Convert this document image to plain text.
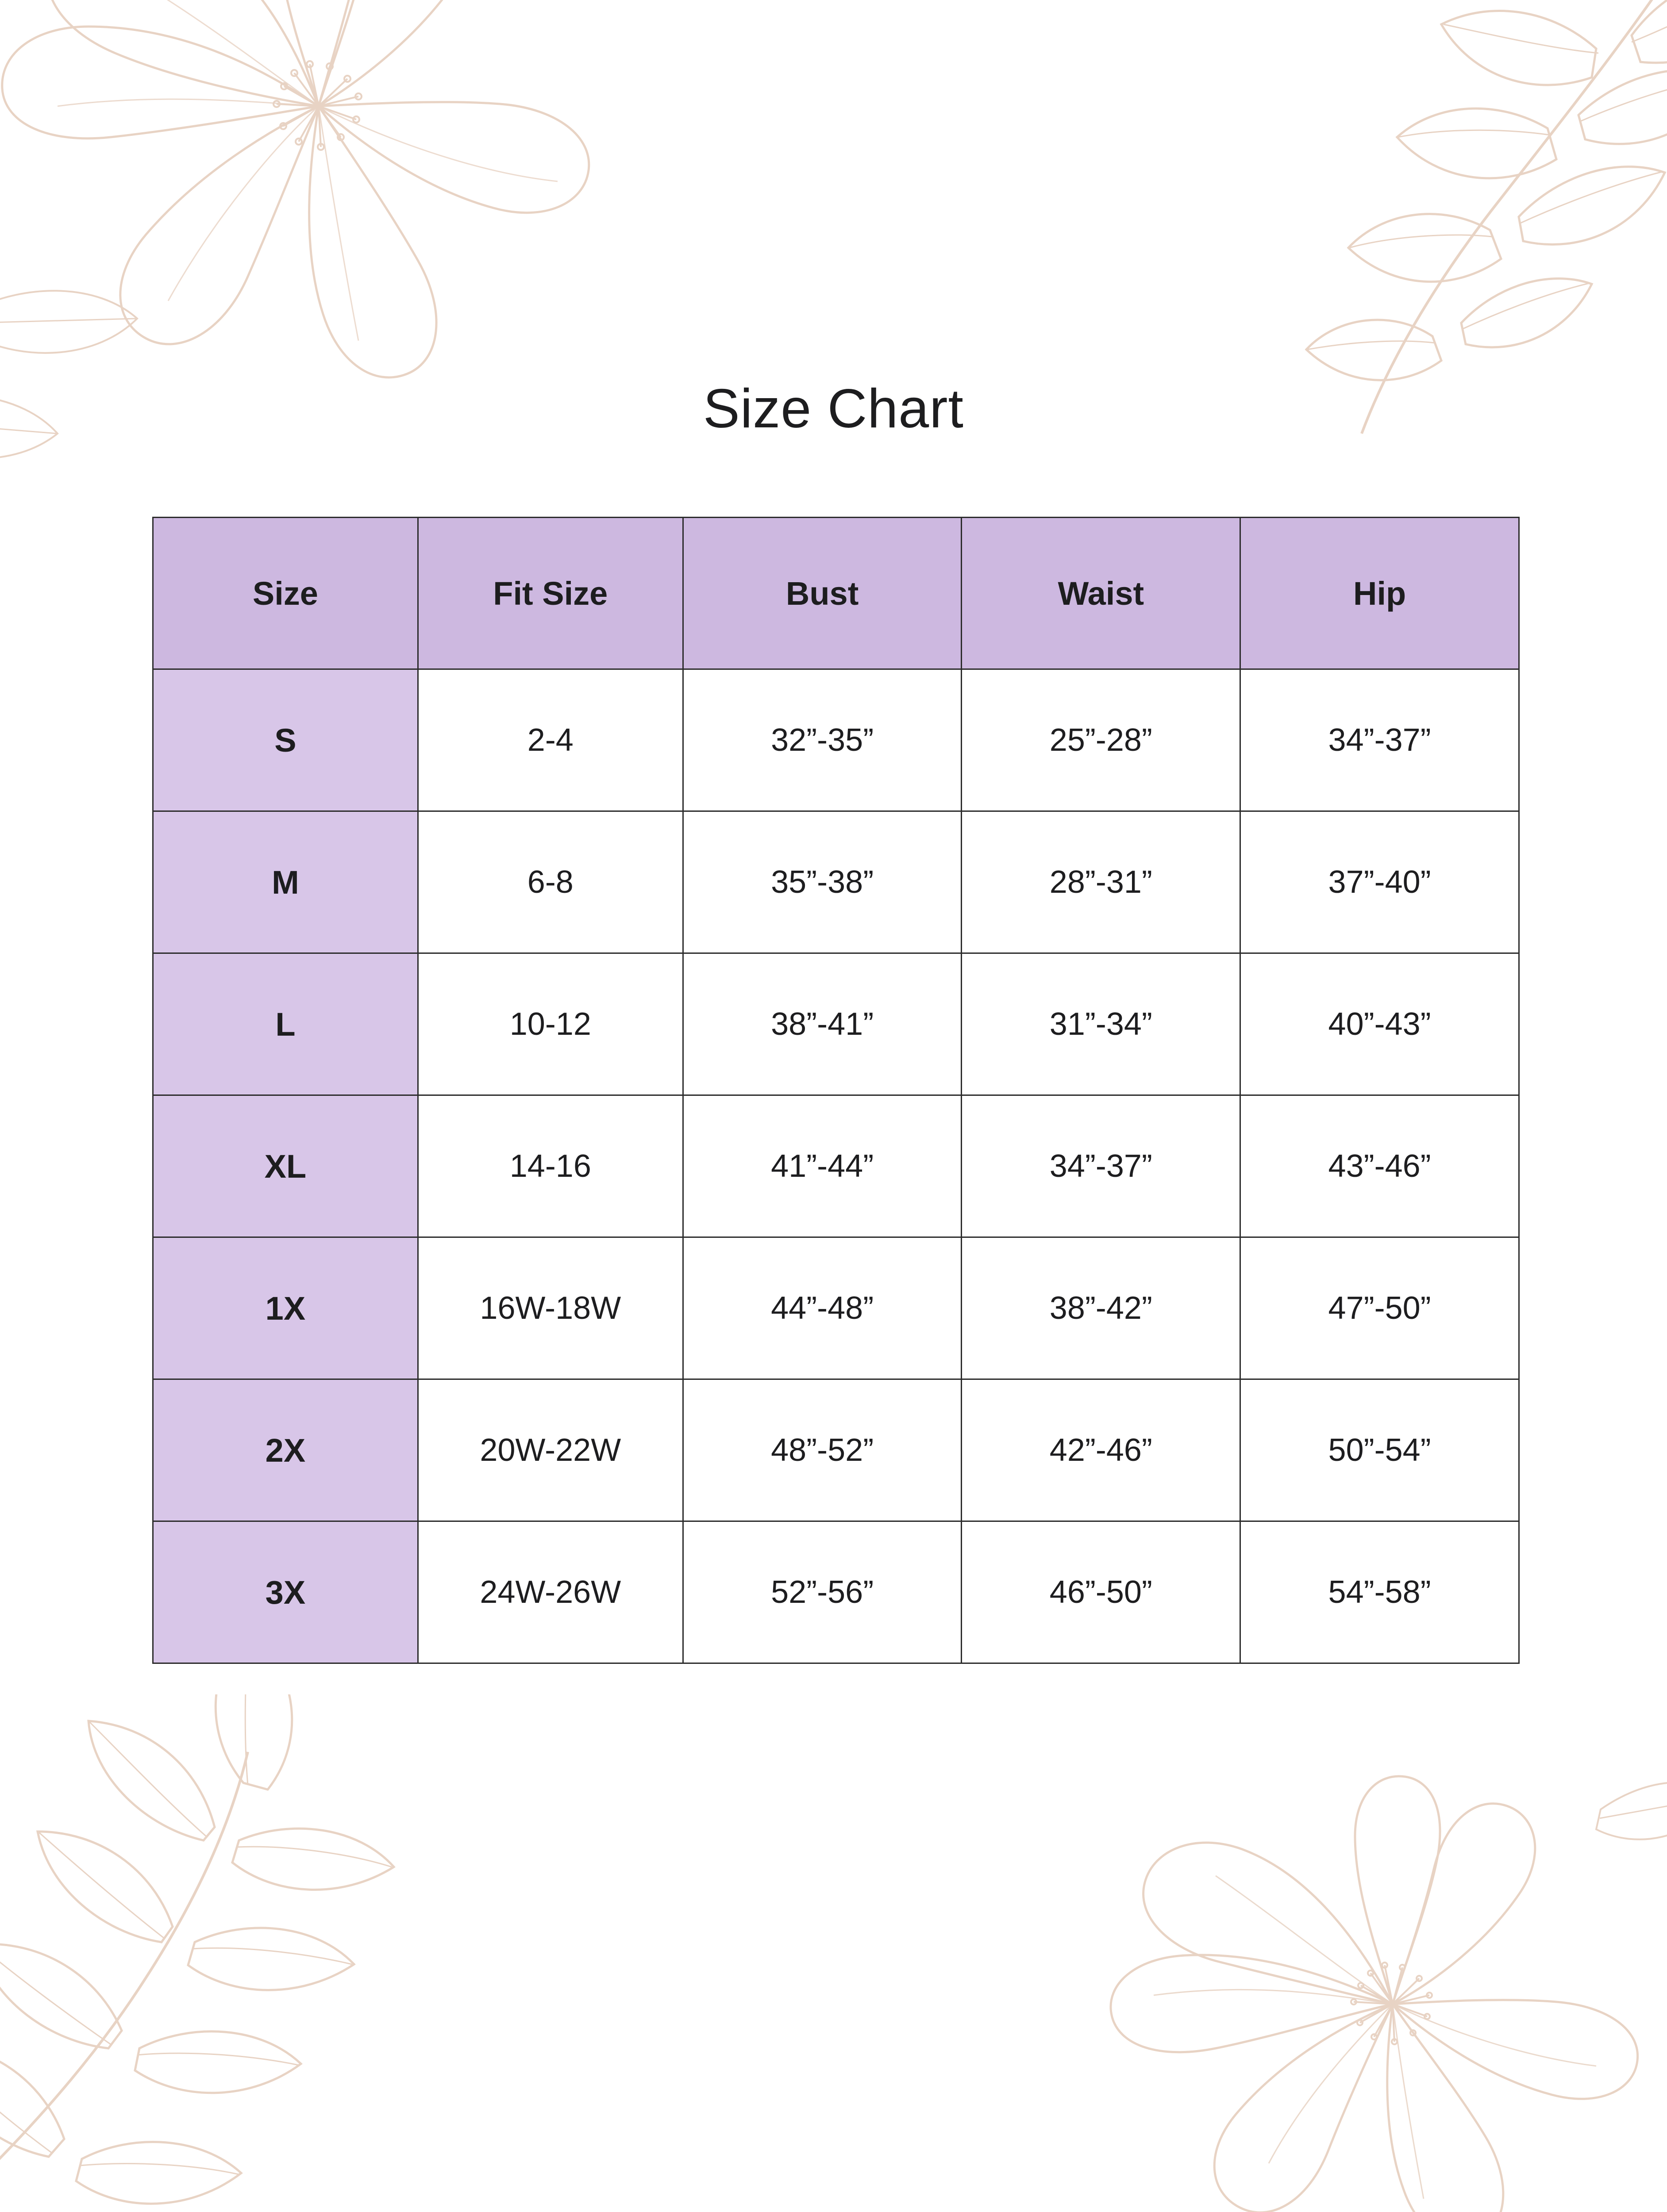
Size Chart
Size	Fit Size	Bust	Waist	Hip
S	2-4	32”-35”	25”-28”	34”-37”
M	6-8	35”-38”	28”-31”	37”-40”
L	10-12	38”-41”	31”-34”	40”-43”
XL	14-16	41”-44”	34”-37”	43”-46”
1X	16W-18W	44”-48”	38”-42”	47”-50”
2X	20W-22W	48”-52”	42”-46”	50”-54”
3X	24W-26W	52”-56”	46”-50”	54”-58”
